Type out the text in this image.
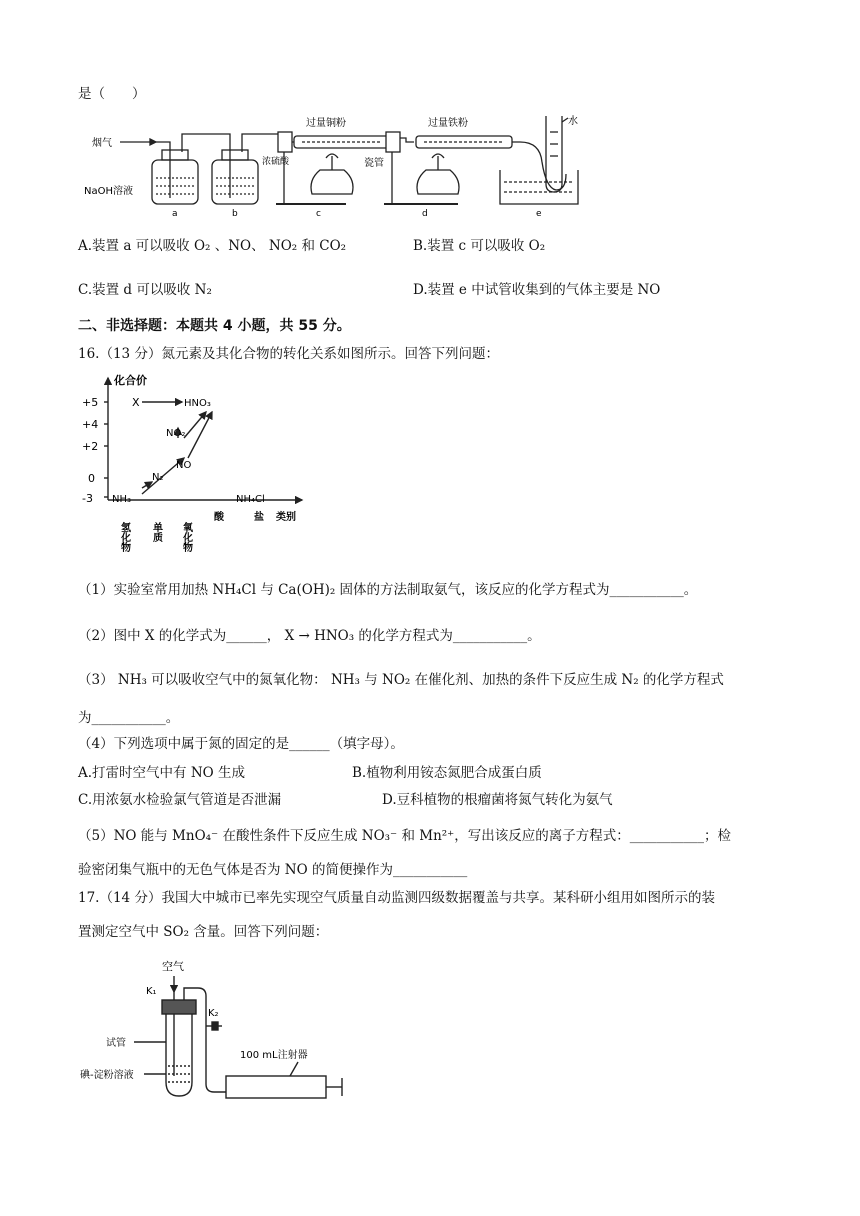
是（　　）
烟气
NaOH溶液
浓硫酸
过量铜粉	过量铁粉
瓷管
水
a	b	c	d	e
A.装置 a 可以吸收 O₂ 、NO、 NO₂ 和 CO₂	B.装置 c 可以吸收 O₂
C.装置 d 可以吸收 N₂	D.装置 e 中试管收集到的气体主要是 NO
二、非选择题：本题共 4 小题，共 55 分。
16.（13 分）氮元素及其化合物的转化关系如图所示。回答下列问题：
化合价
+5
+4
+2
0
-3
X	HNO₃
NO₂
NO
N₂
NH₃	NH₄Cl
氢化物 单质 氧化物
酸	盐 类别
（1）实验室常用加热 NH₄Cl 与 Ca(OH)₂ 固体的方法制取氨气，该反应的化学方程式为___________。
（2）图中 X 的化学式为______， X → HNO₃ 的化学方程式为___________。
（3） NH₃ 可以吸收空气中的氮氧化物： NH₃ 与 NO₂ 在催化剂、加热的条件下反应生成 N₂ 的化学方程式
为___________。
（4）下列选项中属于氮的固定的是______（填字母）。
A.打雷时空气中有 NO 生成	B.植物利用铵态氮肥合成蛋白质
C.用浓氨水检验氯气管道是否泄漏	D.豆科植物的根瘤菌将氮气转化为氨气
（5）NO 能与 MnO₄⁻ 在酸性条件下反应生成 NO₃⁻ 和 Mn²⁺，写出该反应的离子方程式：___________；检
验密闭集气瓶中的无色气体是否为 NO 的简便操作为___________
17.（14 分）我国大中城市已率先实现空气质量自动监测四级数据覆盖与共享。某科研小组用如图所示的装
置测定空气中 SO₂ 含量。回答下列问题：
空气
K₁
K₂
试管
碘-淀粉溶液
100 mL注射器
